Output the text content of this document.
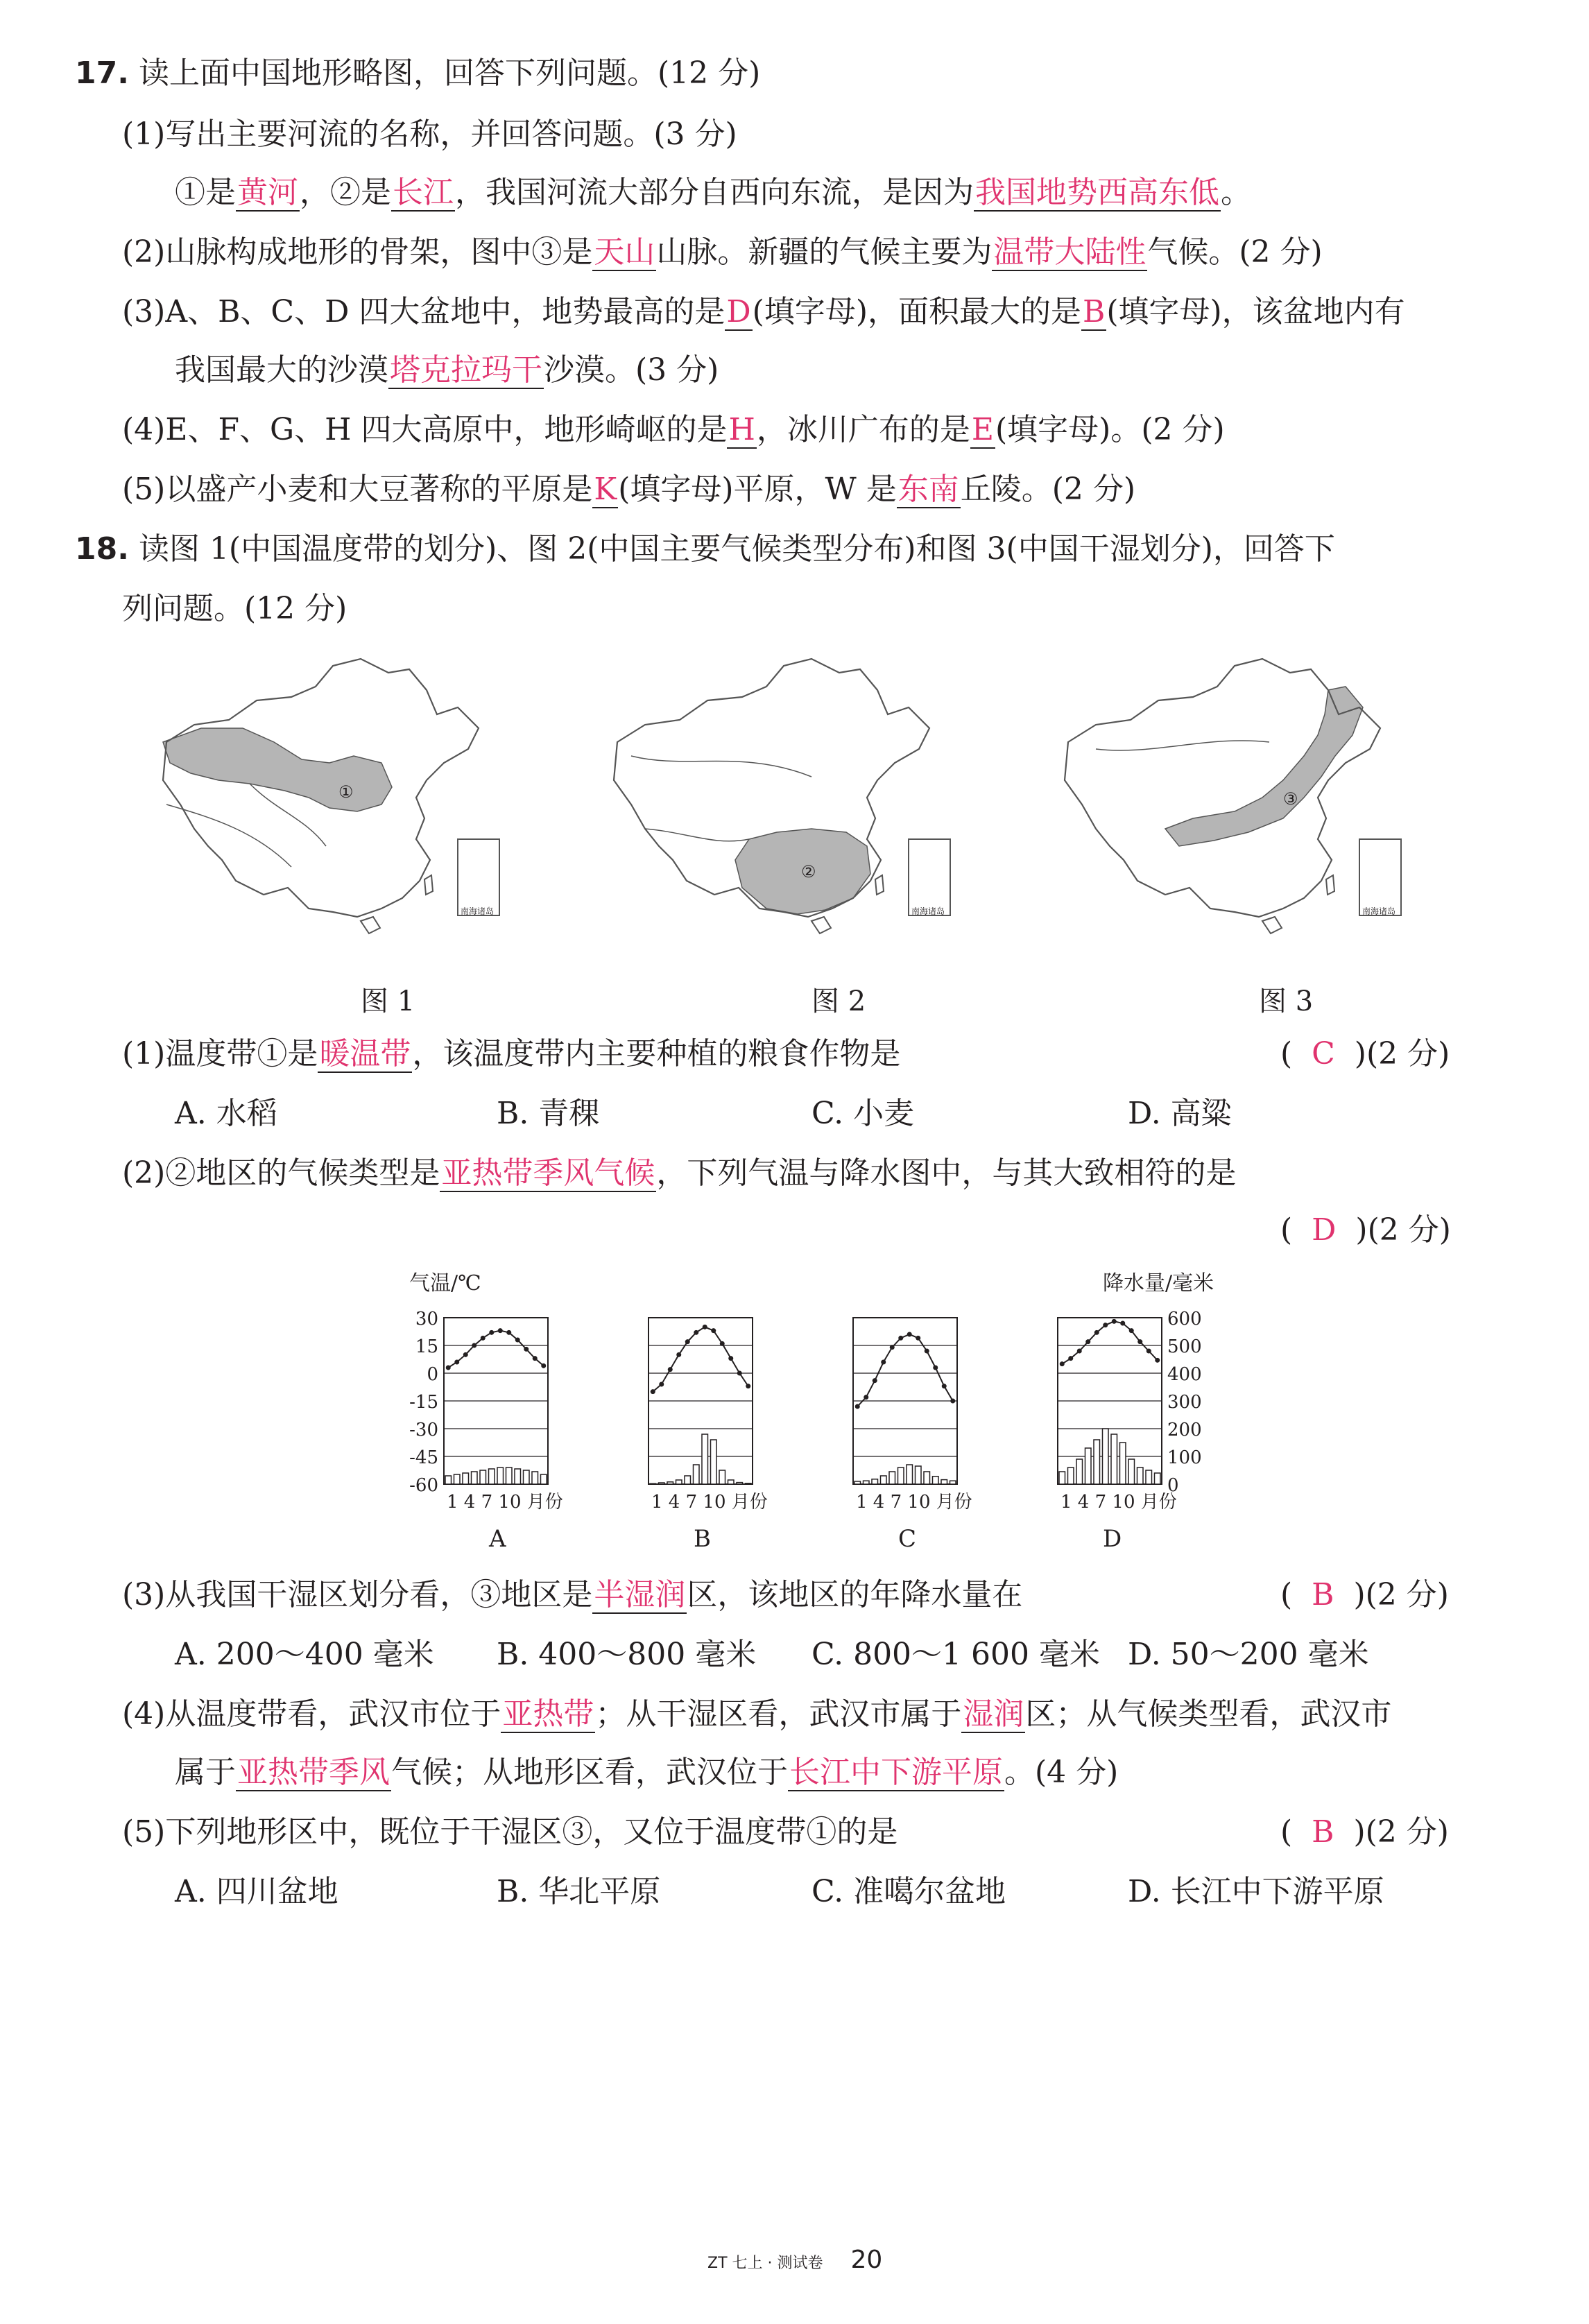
17. 读上面中国地形略图，回答下列问题。(12 分)
(1)写出主要河流的名称，并回答问题。(3 分)
①是黄河，②是长江，我国河流大部分自西向东流，是因为我国地势西高东低。
(2)山脉构成地形的骨架，图中③是天山山脉。新疆的气候主要为温带大陆性气候。(2 分)
(3)A、B、C、D 四大盆地中，地势最高的是D(填字母)，面积最大的是B(填字母)，该盆地内有
我国最大的沙漠塔克拉玛干沙漠。(3 分)
(4)E、F、G、H 四大高原中，地形崎岖的是H，冰川广布的是E(填字母)。(2 分)
(5)以盛产小麦和大豆著称的平原是K(填字母)平原，W 是东南丘陵。(2 分)
18. 读图 1(中国温度带的划分)、图 2(中国主要气候类型分布)和图 3(中国干湿划分)，回答下
列问题。(12 分)
①
南海诸岛
②
南海诸岛
③
南海诸岛
图 1	图 2	图 3
(1)温度带①是暖温带，该温度带内主要种植的粮食作物是	(  C  )(2 分)
A. 水稻	B. 青稞	C. 小麦	D. 高粱
(2)②地区的气候类型是亚热带季风气候，下列气温与降水图中，与其大致相符的是
(  D  )(2 分)
气温/℃	降水量/毫米
30
15
0
-15
-30
-45
-60
600
500
400
300
200
100
0
1 4 7 10 月份
A
1 4 7 10 月份
B
1 4 7 10 月份
C
1 4 7 10 月份
D
(3)从我国干湿区划分看，③地区是半湿润区，该地区的年降水量在	(  B  )(2 分)
A. 200～400 毫米 B. 400～800 毫米 C. 800～1 600 毫米 D. 50～200 毫米
(4)从温度带看，武汉市位于亚热带；从干湿区看，武汉市属于湿润区；从气候类型看，武汉市
属于亚热带季风气候；从地形区看，武汉位于长江中下游平原。(4 分)
(5)下列地形区中，既位于干湿区③，又位于温度带①的是	(  B  )(2 分)
A. 四川盆地	B. 华北平原	C. 准噶尔盆地	D. 长江中下游平原
ZT 七上 · 测试卷 20
